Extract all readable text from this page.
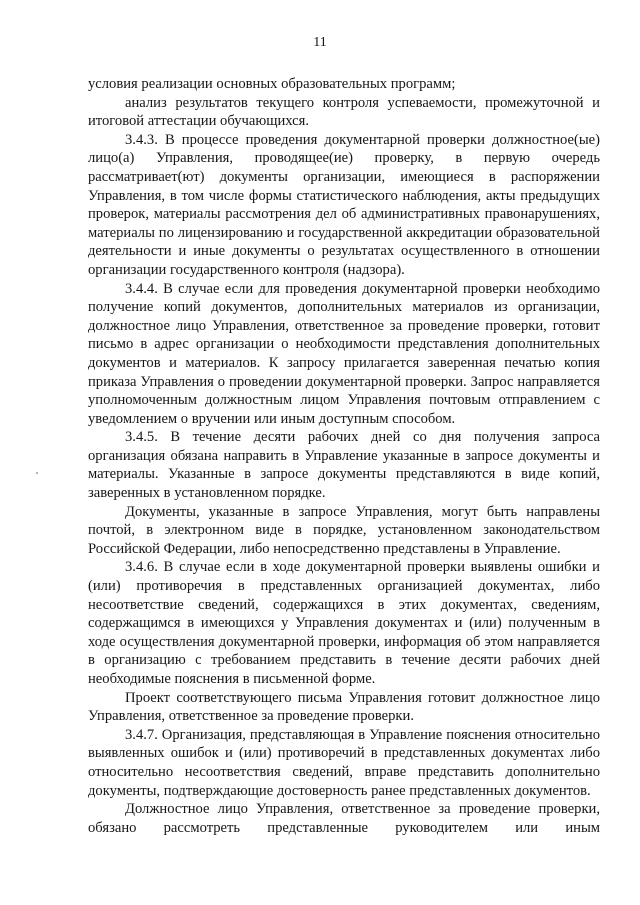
11

условия реализации основных образовательных программ;

анализ результатов текущего контроля успеваемости, промежуточной и итоговой аттестации обучающихся.

3.4.3. В процессе проведения документарной проверки должностное(ые) лицо(а) Управления, проводящее(ие) проверку, в первую очередь рассматривает(ют) документы организации, имеющиеся в распоряжении Управления, в том числе формы статистического наблюдения, акты предыдущих проверок, материалы рассмотрения дел об административных правонарушениях, материалы по лицензированию и государственной аккредитации образовательной деятельности и иные документы о результатах осуществленного в отношении организации государственного контроля (надзора).

3.4.4. В случае если для проведения документарной проверки необходимо получение копий документов, дополнительных материалов из организации, должностное лицо Управления, ответственное за проведение проверки, готовит письмо в адрес организации о необходимости представления дополнительных документов и материалов. К запросу прилагается заверенная печатью копия приказа Управления о проведении документарной проверки. Запрос направляется уполномоченным должностным лицом Управления почтовым отправлением с уведомлением о вручении или иным доступным способом.

3.4.5. В течение десяти рабочих дней со дня получения запроса организация обязана направить в Управление указанные в запросе документы и материалы. Указанные в запросе документы представляются в виде копий, заверенных в установленном порядке.

Документы, указанные в запросе Управления, могут быть направлены почтой, в электронном виде в порядке, установленном законодательством Российской Федерации, либо непосредственно представлены в Управление.

3.4.6. В случае если в ходе документарной проверки выявлены ошибки и (или) противоречия в представленных организацией документах, либо несоответствие сведений, содержащихся в этих документах, сведениям, содержащимся в имеющихся у Управления документах и (или) полученным в ходе осуществления документарной проверки, информация об этом направляется в организацию с требованием представить в течение десяти рабочих дней необходимые пояснения в письменной форме.

Проект соответствующего письма Управления готовит должностное лицо Управления, ответственное за проведение проверки.

3.4.7. Организация, представляющая в Управление пояснения относительно выявленных ошибок и (или) противоречий в представленных документах либо относительно несоответствия сведений, вправе представить дополнительно документы, подтверждающие достоверность ранее представленных документов.

Должностное лицо Управления, ответственное за проведение проверки, обязано рассмотреть представленные руководителем или иным
